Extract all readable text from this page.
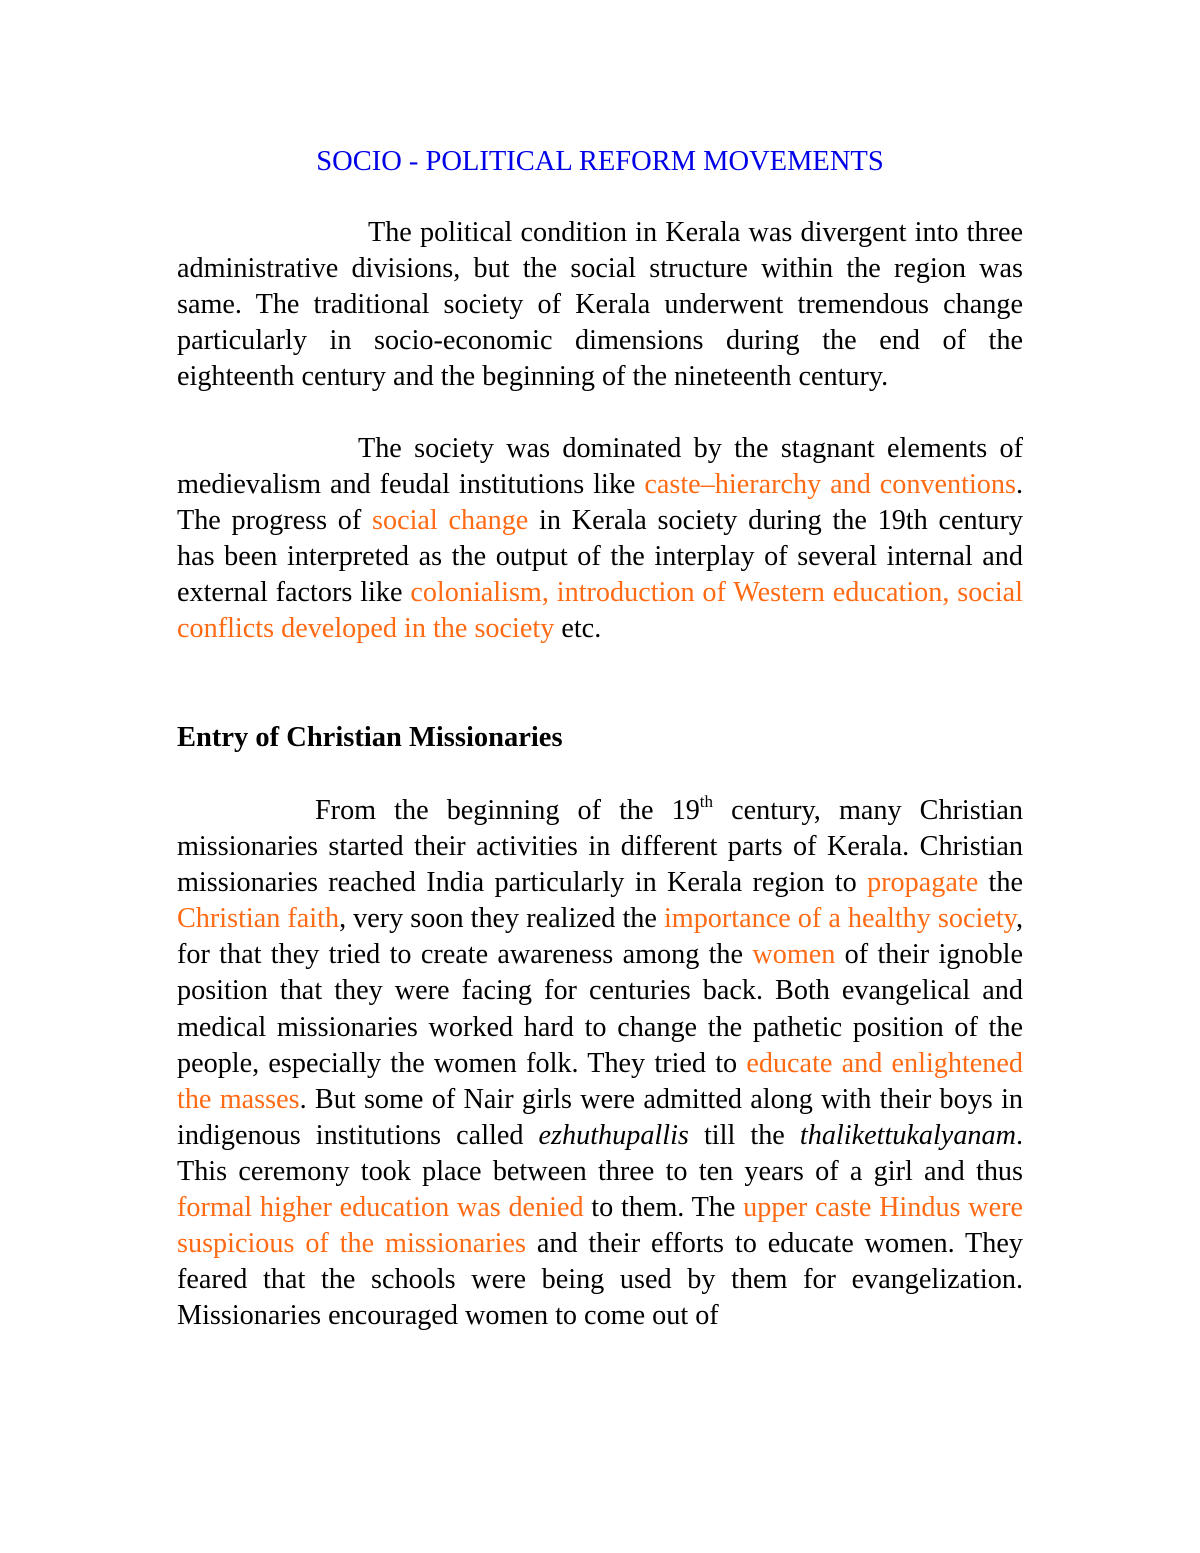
SOCIO - POLITICAL REFORM MOVEMENTS

The political condition in Kerala was divergent into three administrative divisions, but the social structure within the region was same. The traditional society of Kerala underwent tremendous change particularly in socio-economic dimensions during the end of the eighteenth century and the beginning of the nineteenth century.

The society was dominated by the stagnant elements of medievalism and feudal institutions like caste–hierarchy and conventions. The progress of social change in Kerala society during the 19th century has been interpreted as the output of the interplay of several internal and external factors like colonialism, introduction of Western education, social conflicts developed in the society etc.

Entry of Christian Missionaries

From the beginning of the 19th century, many Christian missionaries started their activities in different parts of Kerala. Christian missionaries reached India particularly in Kerala region to propagate the Christian faith, very soon they realized the importance of a healthy society, for that they tried to create awareness among the women of their ignoble position that they were facing for centuries back. Both evangelical and medical missionaries worked hard to change the pathetic position of the people, especially the women folk. They tried to educate and enlightened the masses. But some of Nair girls were admitted along with their boys in indigenous institutions called ezhuthupallis till the thalikettukalyanam. This ceremony took place between three to ten years of a girl and thus formal higher education was denied to them. The upper caste Hindus were suspicious of the missionaries and their efforts to educate women. They feared that the schools were being used by them for evangelization. Missionaries encouraged women to come out of
